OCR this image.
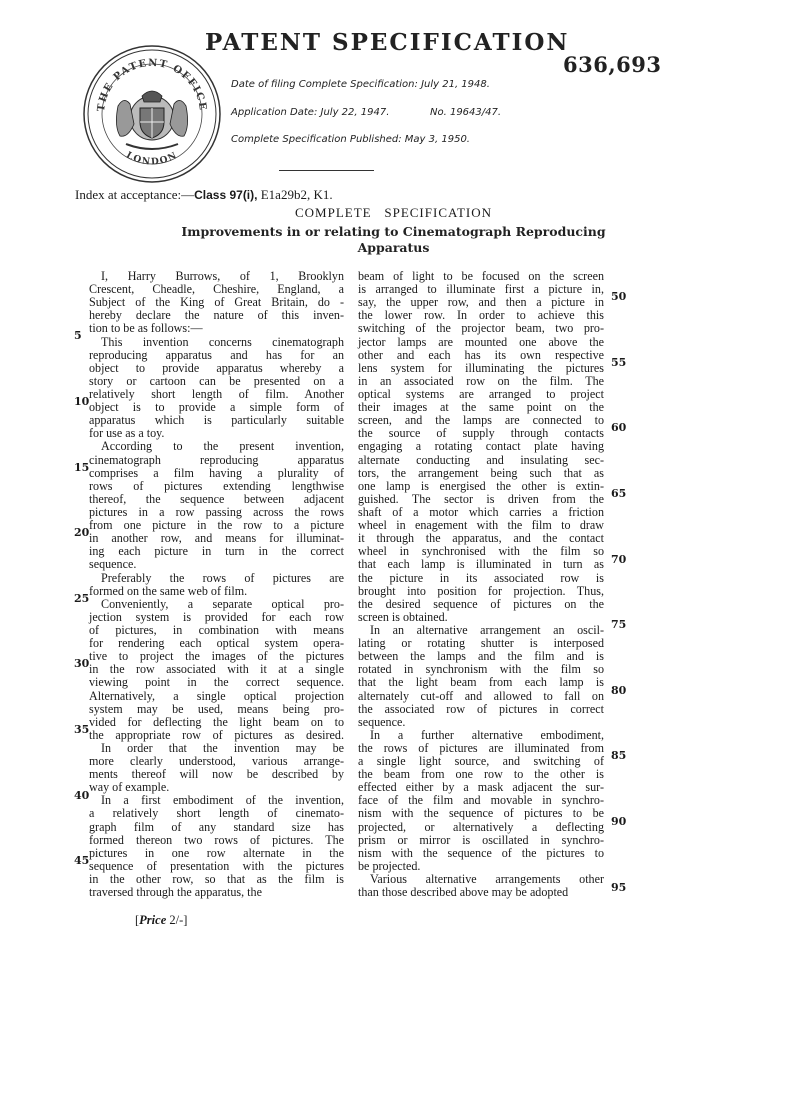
PATENT SPECIFICATION
636,693
THE PATENT OFFICE
LONDON
Date of filing Complete Specification: July 21, 1948.
Application Date: July 22, 1947.	No. 19643/47.
Complete Specification Published: May 3, 1950.
Index at acceptance:—Class 97(i), E1a29b2, K1.
COMPLETE   SPECIFICATION
Improvements in or relating to Cinematograph Reproducing
Apparatus
I, Harry Burrows, of 1, Brooklyn
Crescent, Cheadle, Cheshire, England, a
Subject of the King of Great Britain, do -
hereby declare the nature of this inven-
tion to be as follows:—
This invention concerns cinematograph
reproducing apparatus and has for an
object to provide apparatus whereby a
story or cartoon can be presented on a
relatively short length of film. Another
object is to provide a simple form of
apparatus which is particularly suitable
for use as a toy.
According to the present invention,
cinematograph reproducing apparatus
comprises a film having a plurality of
rows of pictures extending lengthwise
thereof, the sequence between adjacent
pictures in a row passing across the rows
from one picture in the row to a picture
in another row, and means for illuminat-
ing each picture in turn in the correct
sequence.
Preferably the rows of pictures are
formed on the same web of film.
Conveniently, a separate optical pro-
jection system is provided for each row
of pictures, in combination with means
for rendering each optical system opera-
tive to project the images of the pictures
in the row associated with it at a single
viewing point in the correct sequence.
Alternatively, a single optical projection
system may be used, means being pro-
vided for deflecting the light beam on to
the appropriate row of pictures as desired.
In order that the invention may be
more clearly understood, various arrange-
ments thereof will now be described by
way of example.
In a first embodiment of the invention,
a relatively short length of cinemato-
graph film of any standard size has
formed thereon two rows of pictures. The
pictures in one row alternate in the
sequence of presentation with the pictures
in the other row, so that as the film is
traversed through the apparatus, the
beam of light to be focused on the screen
is arranged to illuminate first a picture in,
say, the upper row, and then a picture in
the lower row. In order to achieve this
switching of the projector beam, two pro-
jector lamps are mounted one above the
other and each has its own respective
lens system for illuminating the pictures
in an associated row on the film. The
optical systems are arranged to project
their images at the same point on the
screen, and the lamps are connected to
the source of supply through contacts
engaging a rotating contact plate having
alternate conducting and insulating sec-
tors, the arrangement being such that as
one lamp is energised the other is extin-
guished. The sector is driven from the
shaft of a motor which carries a friction
wheel in enagement with the film to draw
it through the apparatus, and the contact
wheel in synchronised with the film so
that each lamp is illuminated in turn as
the picture in its associated row is
brought into position for projection. Thus,
the desired sequence of pictures on the
screen is obtained.
In an alternative arrangement an oscil-
lating or rotating shutter is interposed
between the lamps and the film and is
rotated in synchronism with the film so
that the light beam from each lamp is
alternately cut-off and allowed to fall on
the associated row of pictures in correct
sequence.
In a further alternative embodiment,
the rows of pictures are illuminated from
a single light source, and switching of
the beam from one row to the other is
effected either by a mask adjacent the sur-
face of the film and movable in synchro-
nism with the sequence of pictures to be
projected, or alternatively a deflecting
prism or mirror is oscillated in synchro-
nism with the sequence of the pictures to
be projected.
Various alternative arrangements other
than those described above may be adopted
5
10
15
20
25
30
35
40
45
50
55
60
65
70
75
80
85
90
95
[Price 2/-]
